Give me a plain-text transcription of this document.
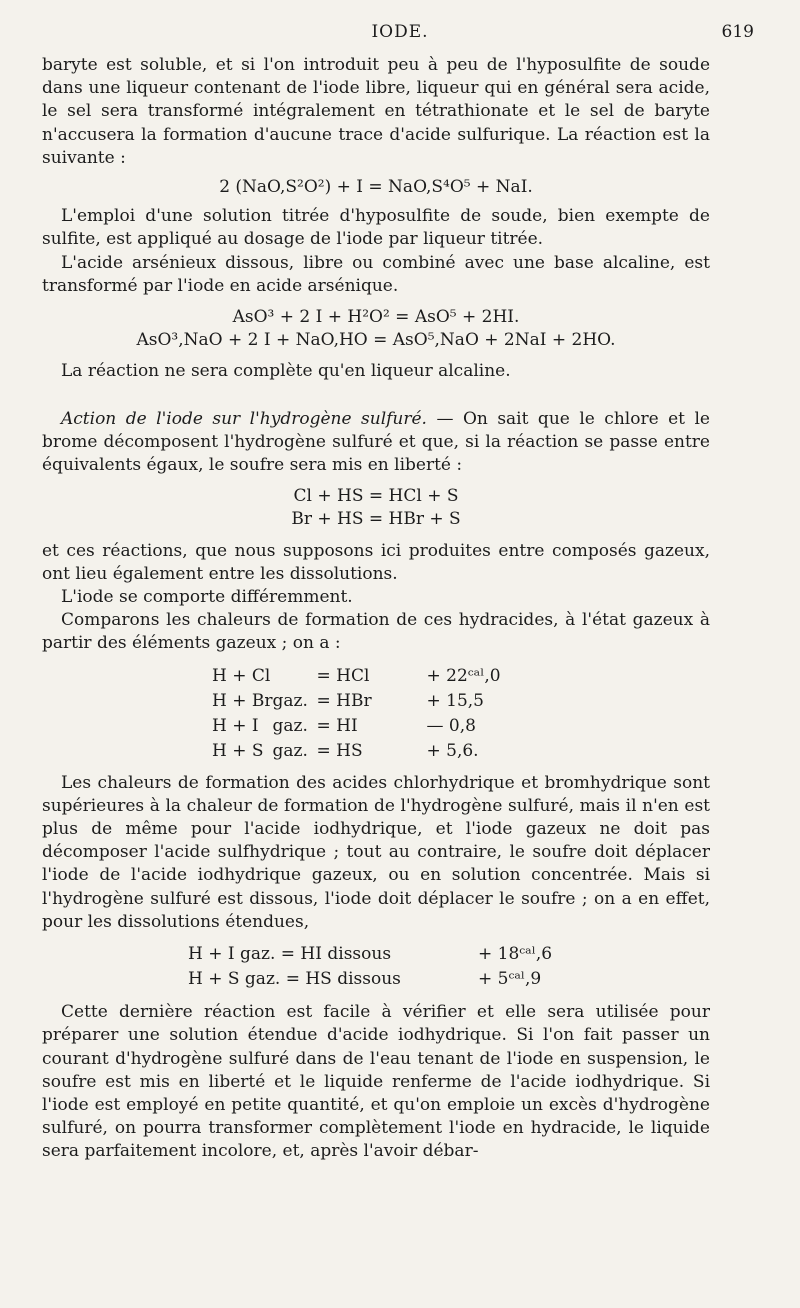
IODE.	619

baryte est soluble, et si l'on introduit peu à peu de l'hyposulfite de soude dans une liqueur contenant de l'iode libre, liqueur qui en général sera acide, le sel sera transformé intégralement en tétrathionate et le sel de baryte n'accusera la formation d'aucune trace d'acide sulfurique. La réaction est la suivante :

2 (NaO,S²O²) + I = NaO,S⁴O⁵ + NaI.

L'emploi d'une solution titrée d'hyposulfite de soude, bien exempte de sulfite, est appliqué au dosage de l'iode par liqueur titrée.

L'acide arsénieux dissous, libre ou combiné avec une base alcaline, est transformé par l'iode en acide arsénique.

AsO³ + 2 I + H²O² = AsO⁵ + 2HI.
AsO³,NaO + 2 I + NaO,HO = AsO⁵,NaO + 2NaI + 2HO.

La réaction ne sera complète qu'en liqueur alcaline.

Action de l'iode sur l'hydrogène sulfuré. — On sait que le chlore et le brome décomposent l'hydrogène sulfuré et que, si la réaction se passe entre équivalents égaux, le soufre sera mis en liberté :

Cl + HS = HCl + S
Br + HS = HBr + S

et ces réactions, que nous supposons ici produites entre composés gazeux, ont lieu également entre les dissolutions.

L'iode se comporte différemment.

Comparons les chaleurs de formation de ces hydracides, à l'état gazeux à partir des éléments gazeux ; on a :

H + Cl		= HCl	+ 22ᶜᵃˡ,0
H + Br	gaz.	= HBr	+ 15,5
H + I	gaz.	= HI	— 0,8
H + S	gaz.	= HS	+ 5,6.

Les chaleurs de formation des acides chlorhydrique et bromhydrique sont supérieures à la chaleur de formation de l'hydrogène sulfuré, mais il n'en est plus de même pour l'acide iodhydrique, et l'iode gazeux ne doit pas décomposer l'acide sulfhydrique ; tout au contraire, le soufre doit déplacer l'iode de l'acide iodhydrique gazeux, ou en solution concentrée. Mais si l'hydrogène sulfuré est dissous, l'iode doit déplacer le soufre ; on a en effet, pour les dissolutions étendues,

H + I gaz. = HI dissous	+ 18ᶜᵃˡ,6
H + S gaz. = HS dissous	+ 5ᶜᵃˡ,9

Cette dernière réaction est facile à vérifier et elle sera utilisée pour préparer une solution étendue d'acide iodhydrique. Si l'on fait passer un courant d'hydrogène sulfuré dans de l'eau tenant de l'iode en suspension, le soufre est mis en liberté et le liquide renferme de l'acide iodhydrique. Si l'iode est employé en petite quantité, et qu'on emploie un excès d'hydrogène sulfuré, on pourra transformer complètement l'iode en hydracide, le liquide sera parfaitement incolore, et, après l'avoir débar-
